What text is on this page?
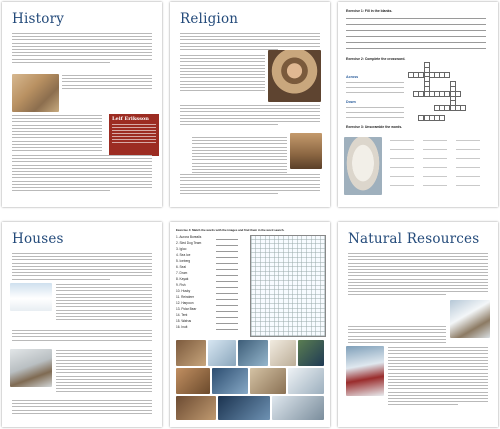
History
Leif Eriksson
Religion	Exercise 1: Fill in the blanks.
Exercise 2: Complete the crossword.
Across
Down
Exercise 3: Unscramble the words.
Houses
Exercise 4: Match the words with the images and find them in the word search.
1. Aurora Borealis
2. Sled Dog Team
3. Igloo
4. Sea Ice
5. Iceberg
6. Seal
7. Drum
8. Kayak
9. Fish
10. Husky
11. Reindeer
12. Harpoon
13. Polar Bear
14. Tent
15. Walrus
16. Inuit
Natural Resources
